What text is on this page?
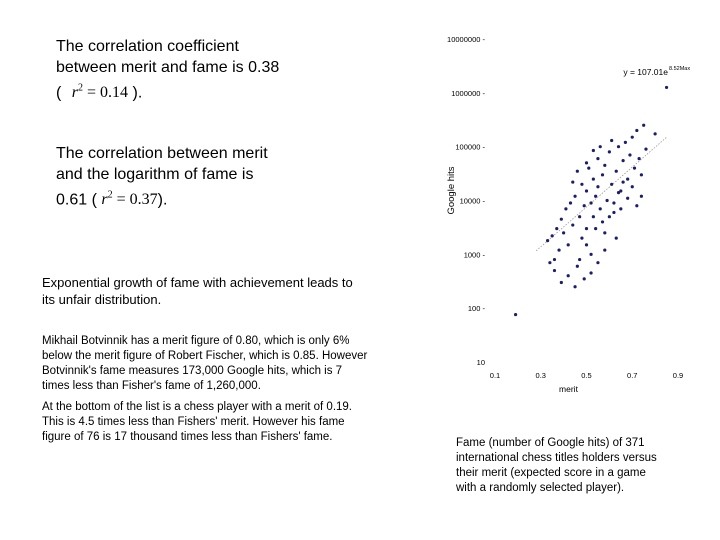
The correlation coefficient
between merit and fame is 0.38
( $r^2 = 0.14$ ).
The correlation between merit
and the logarithm of fame is
0.61 ( $r^2 = 0.37$).
Exponential growth of fame with achievement leads to
its unfair distribution.
Mikhail Botvinnik has a merit figure of 0.80, which is only 6%
below the merit figure of Robert Fischer, which is 0.85. However
Botvinnik's fame measures 173,000 Google hits, which is 7
times less than Fisher's fame of 1,260,000.
At the bottom of the list is a chess player with a merit of 0.19.
This is 4.5 times less than Fishers' merit. However his fame
figure of 76 is 17 thousand times less than Fishers' fame.
10
100 -
1000 -
10000 -
100000 -
1000000 -
10000000 -
0.1	0.3	0.5	0.7	0.9
merit
Google hits
y = 107.01e 8.52Max
Fame (number of Google hits) of 371
international chess titles holders versus
their merit (expected score in a game
with a randomly selected player).
